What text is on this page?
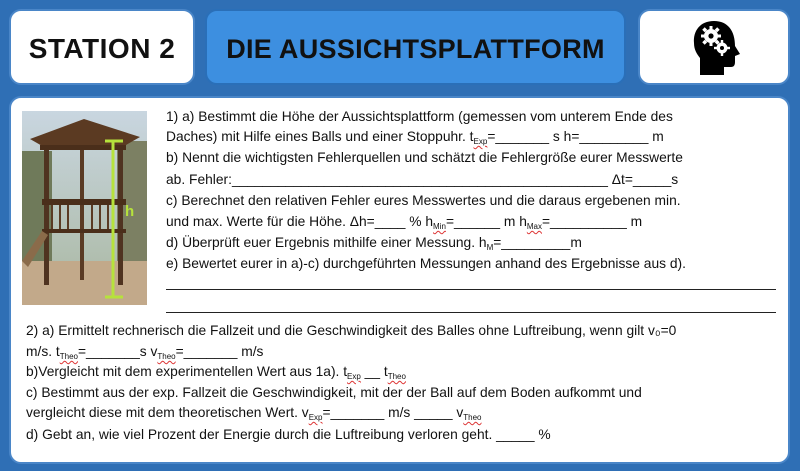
STATION 2	DIE AUSSICHTSPLATTFORM
h
1) a) Bestimmt die Höhe der Aussichtsplattform (gemessen vom unterem Ende des
Daches) mit Hilfe eines Balls und einer Stoppuhr. $t_{Exp}=\_\_\_\_\_\_\_$ s h=_________ m
b) Nennt die wichtigsten Fehlerquellen und schätzt die Fehlergröße eurer Messwerte
ab. Fehler:_________________________________________________ Δt=_____s
c) Berechnet den relativen Fehler eures Messwertes und die daraus ergebenen min.
und max. Werte für die Höhe. Δh=____ % $h_{Min}=\_\_\_\_\_\_$ m $h_{Max}=\_\_\_\_\_\_\_\_\_\_$ m
d) Überprüft euer Ergebnis mithilfe einer Messung. $h_M=\_\_\_\_\_\_\_\_\_m$
e) Bewertet eurer in a)-c) durchgeführten Messungen anhand des Ergebnisse aus d).
2) a) Ermittelt rechnerisch die Fallzeit und die Geschwindigkeit des Balles ohne Luftreibung, wenn gilt v₀=0
m/s. $t_{Theo}=\_\_\_\_\_\_\_s$ $v_{Theo}=\_\_\_\_\_\_\_$ m/s
b)Vergleicht mit dem experimentellen Wert aus 1a). $t_{Exp}$ __ $t_{Theo}$
c) Bestimmt aus der exp. Fallzeit die Geschwindigkeit, mit der der Ball auf dem Boden aufkommt und
vergleicht diese mit dem theoretischen Wert. $v_{Exp}=\_\_\_\_\_\_\_$ m/s _____ $v_{Theo}$
d) Gebt an, wie viel Prozent der Energie durch die Luftreibung verloren geht. _____ %
